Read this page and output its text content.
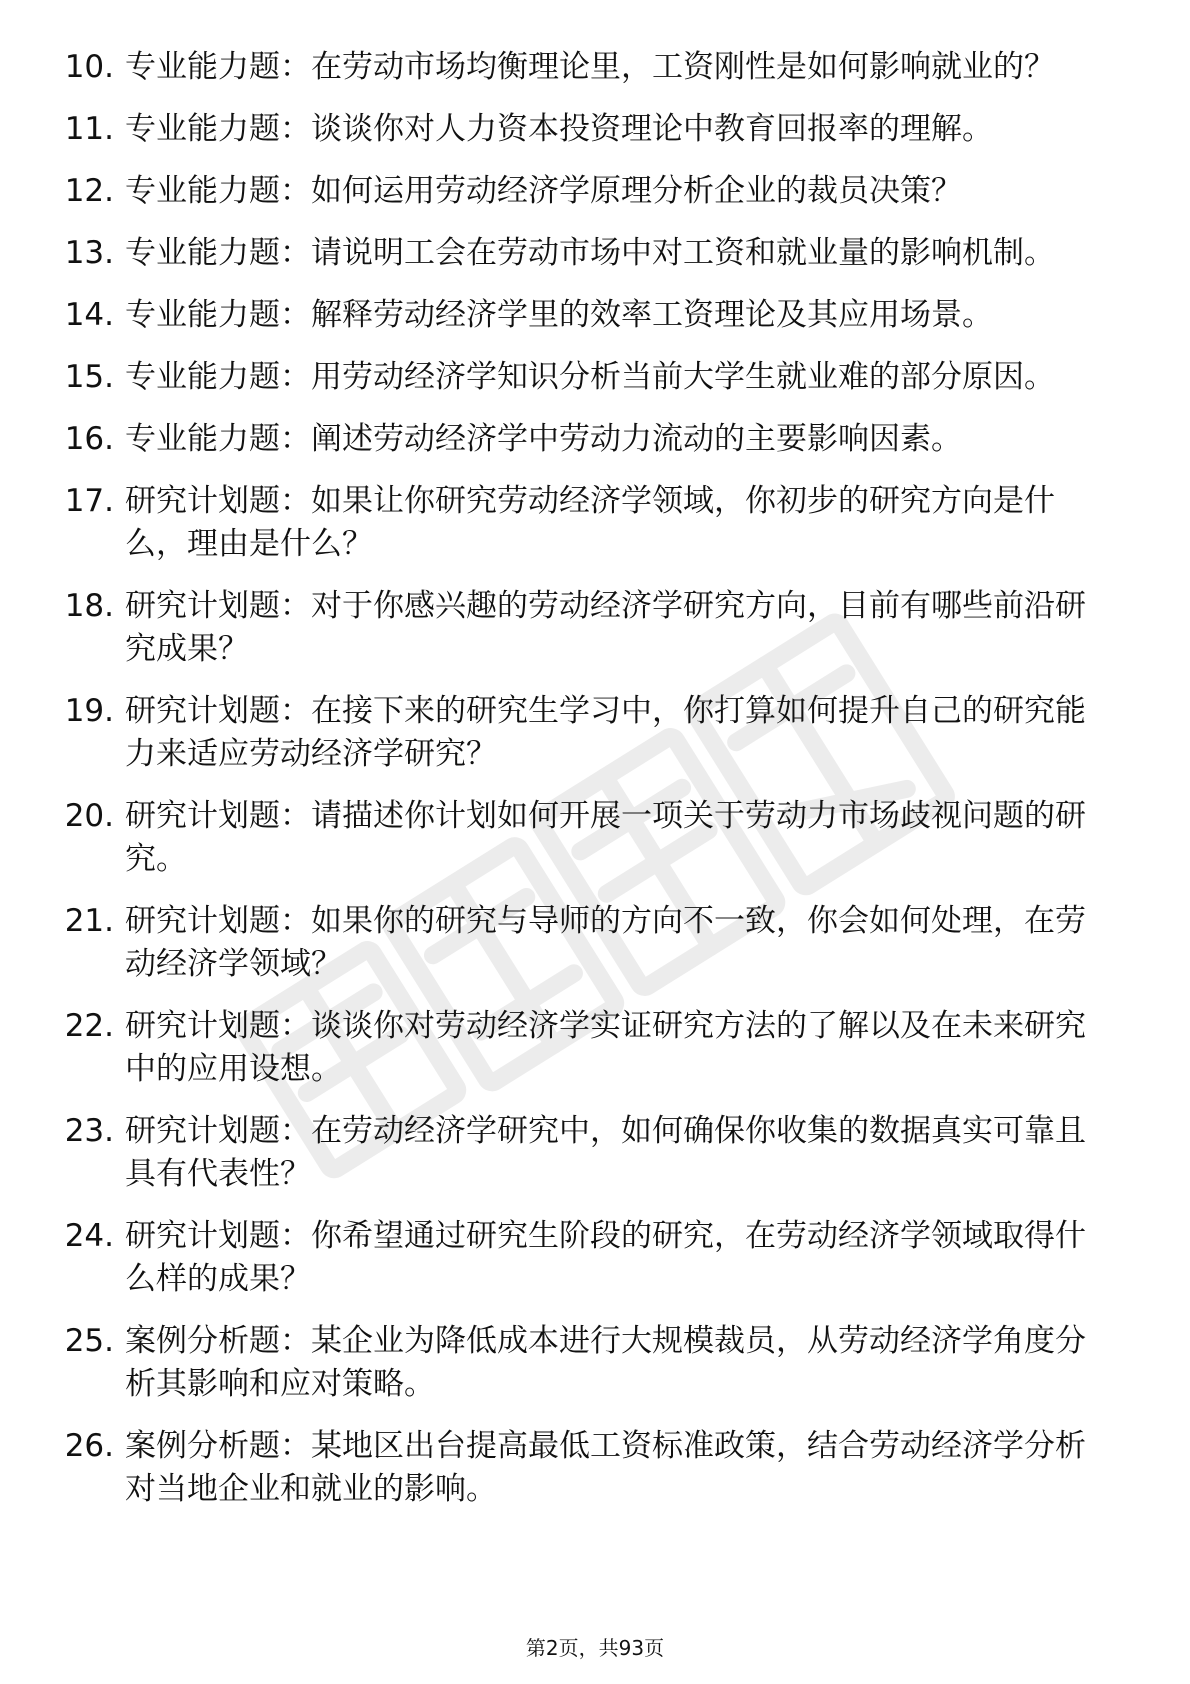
10. 专业能力题：在劳动市场均衡理论里，工资刚性是如何影响就业的？
11. 专业能力题：谈谈你对人力资本投资理论中教育回报率的理解。
12. 专业能力题：如何运用劳动经济学原理分析企业的裁员决策？
13. 专业能力题：请说明工会在劳动市场中对工资和就业量的影响机制。
14. 专业能力题：解释劳动经济学里的效率工资理论及其应用场景。
15. 专业能力题：用劳动经济学知识分析当前大学生就业难的部分原因。
16. 专业能力题：阐述劳动经济学中劳动力流动的主要影响因素。
17. 研究计划题：如果让你研究劳动经济学领域，你初步的研究方向是什么，理由是什么？
18. 研究计划题：对于你感兴趣的劳动经济学研究方向，目前有哪些前沿研究成果？
19. 研究计划题：在接下来的研究生学习中，你打算如何提升自己的研究能力来适应劳动经济学研究？
20. 研究计划题：请描述你计划如何开展一项关于劳动力市场歧视问题的研究。
21. 研究计划题：如果你的研究与导师的方向不一致，你会如何处理，在劳动经济学领域？
22. 研究计划题：谈谈你对劳动经济学实证研究方法的了解以及在未来研究中的应用设想。
23. 研究计划题：在劳动经济学研究中，如何确保你收集的数据真实可靠且具有代表性？
24. 研究计划题：你希望通过研究生阶段的研究，在劳动经济学领域取得什么样的成果？
25. 案例分析题：某企业为降低成本进行大规模裁员，从劳动经济学角度分析其影响和应对策略。
26. 案例分析题：某地区出台提高最低工资标准政策，结合劳动经济学分析对当地企业和就业的影响。
第2页，共93页
